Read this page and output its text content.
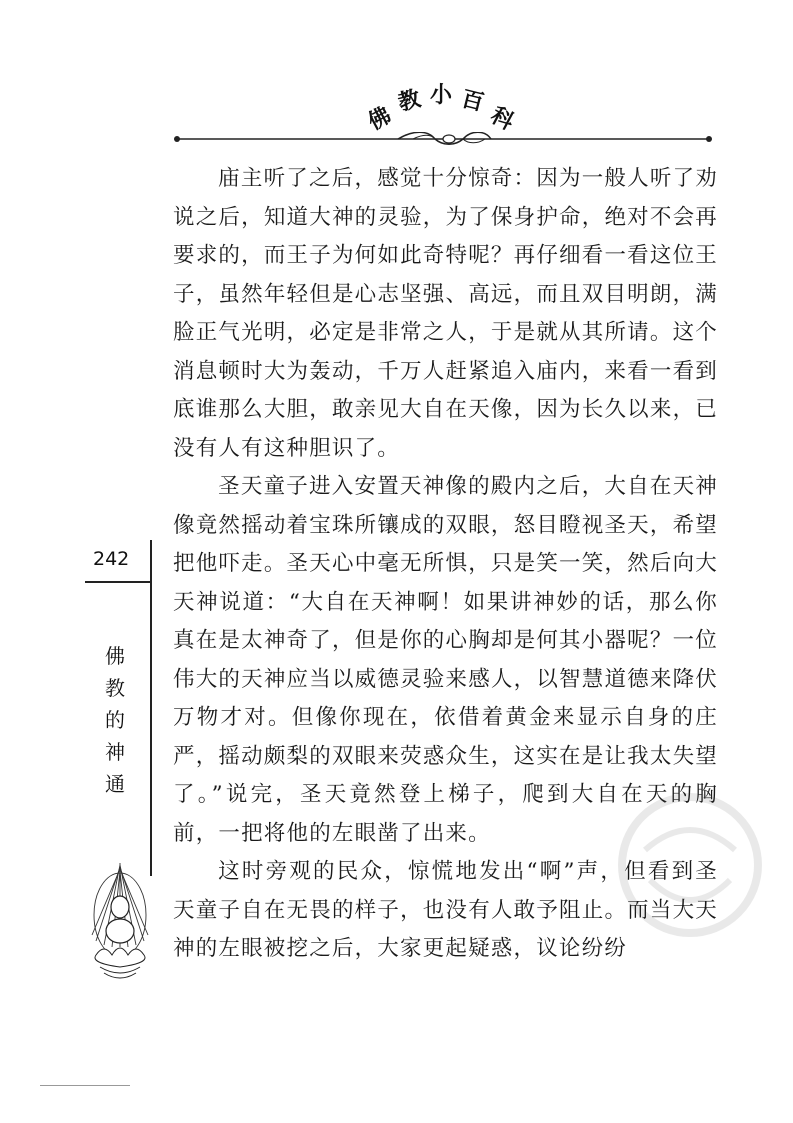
佛
教 小 百
科

庙主听了之后，感觉十分惊奇：因为一般人听了劝说之后，知道大神的灵验，为了保身护命，绝对不会再要求的，而王子为何如此奇特呢？再仔细看一看这位王子，虽然年轻但是心志坚强、高远，而且双目明朗，满脸正气光明，必定是非常之人，于是就从其所请。这个消息顿时大为轰动，千万人赶紧追入庙内，来看一看到底谁那么大胆，敢亲见大自在天像，因为长久以来，已没有人有这种胆识了。

圣天童子进入安置天神像的殿内之后，大自在天神像竟然摇动着宝珠所镶成的双眼，怒目瞪视圣天，希望把他吓走。圣天心中毫无所惧，只是笑一笑，然后向大天神说道：“大自在天神啊！如果讲神妙的话，那么你真在是太神奇了，但是你的心胸却是何其小器呢？一位伟大的天神应当以威德灵验来感人，以智慧道德来降伏万物才对。但像你现在，依借着黄金来显示自身的庄严，摇动颇梨的双眼来荧惑众生，这实在是让我太失望了。”说完，圣天竟然登上梯子，爬到大自在天的胸前，一把将他的左眼凿了出来。

这时旁观的民众，惊慌地发出“啊”声，但看到圣天童子自在无畏的样子，也没有人敢予阻止。而当大天神的左眼被挖之后，大家更起疑惑，议论纷纷

242
佛
教
的
神
通
